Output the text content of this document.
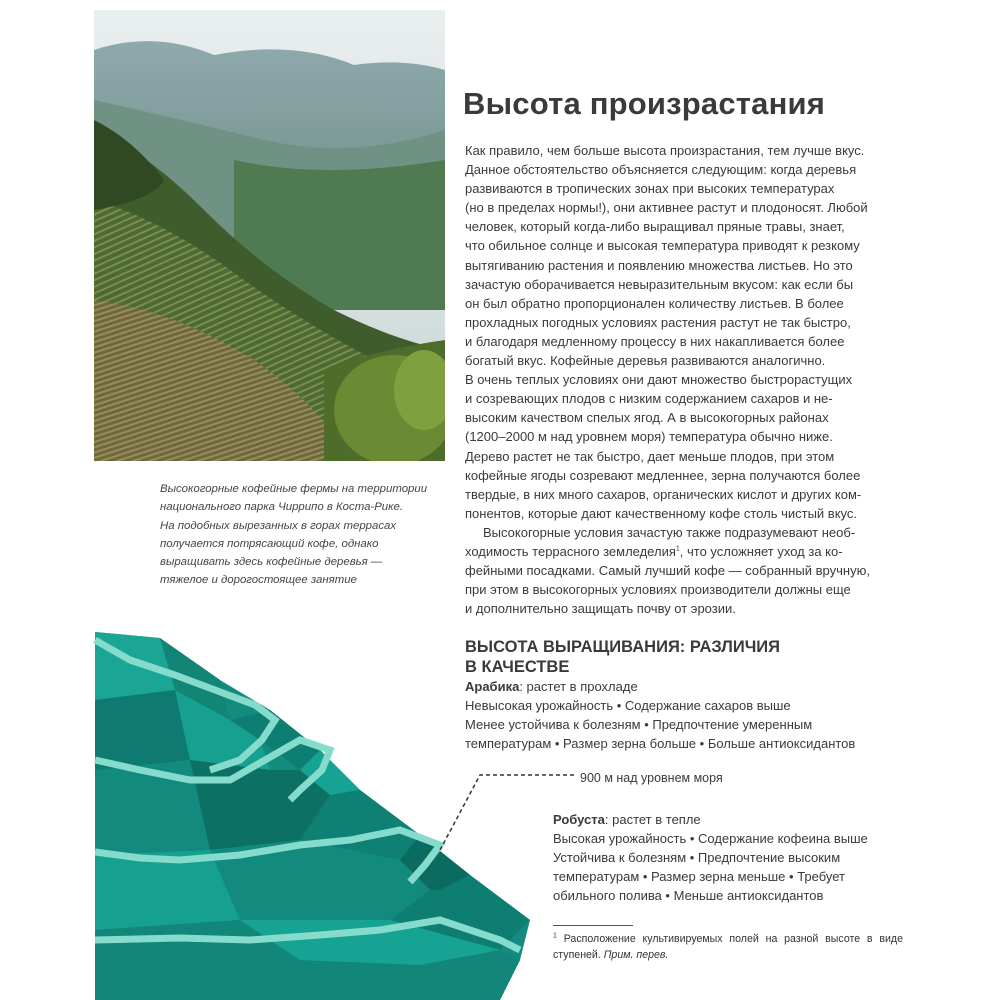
Высокогорные кофейные фермы на территории

национального парка Чиррипо в Коста-Рике.

На подобных вырезанных в горах террасах

получается потрясающий кофе, однако

выращивать здесь кофейные деревья —

тяжелое и дорогостоящее занятие

Высота произрастания

Как правило, чем больше высота произрастания, тем лучше вкус.

Данное обстоятельство объясняется следующим: когда деревья

развиваются в тропических зонах при высоких температурах

(но в пределах нормы!), они активнее растут и плодоносят. Любой

человек, который когда-либо выращивал пряные травы, знает,

что обильное солнце и высокая температура приводят к резкому

вытягиванию растения и появлению множества листьев. Но это

зачастую оборачивается невыразительным вкусом: как если бы

он был обратно пропорционален количеству листьев. В более

прохладных погодных условиях растения растут не так быстро,

и благодаря медленному процессу в них накапливается более

богатый вкус. Кофейные деревья развиваются аналогично.

В очень теплых условиях они дают множество быстрорастущих

и созревающих плодов с низким содержанием сахаров и не-

высоким качеством спелых ягод. А в высокогорных районах

(1200–2000 м над уровнем моря) температура обычно ниже.

Дерево растет не так быстро, дает меньше плодов, при этом

кофейные ягоды созревают медленнее, зерна получаются более

твердые, в них много сахаров, органических кислот и других ком-

понентов, которые дают качественному кофе столь чистый вкус.

Высокогорные условия зачастую также подразумевают необ-

ходимость террасного земледелия$^1$, что усложняет уход за ко-

фейными посадками. Самый лучший кофе — собранный вручную,

при этом в высокогорных условиях производители должны еще

и дополнительно защищать почву от эрозии.

ВЫСОТА ВЫРАЩИВАНИЯ: РАЗЛИЧИЯ
В КАЧЕСТВЕ

Арабика: растет в прохладе

Невысокая урожайность • Содержание сахаров выше

Менее устойчива к болезням • Предпочтение умеренным

температурам • Размер зерна больше • Больше антиоксидантов

900 м над уровнем моря

Робуста: растет в тепле

Высокая урожайность • Содержание кофеина выше

Устойчива к болезням • Предпочтение высоким

температурам • Размер зерна меньше • Требует

обильного полива • Меньше антиоксидантов

$^1$ Расположение культивируемых полей на разной высоте в виде ступеней. Прим. перев.
